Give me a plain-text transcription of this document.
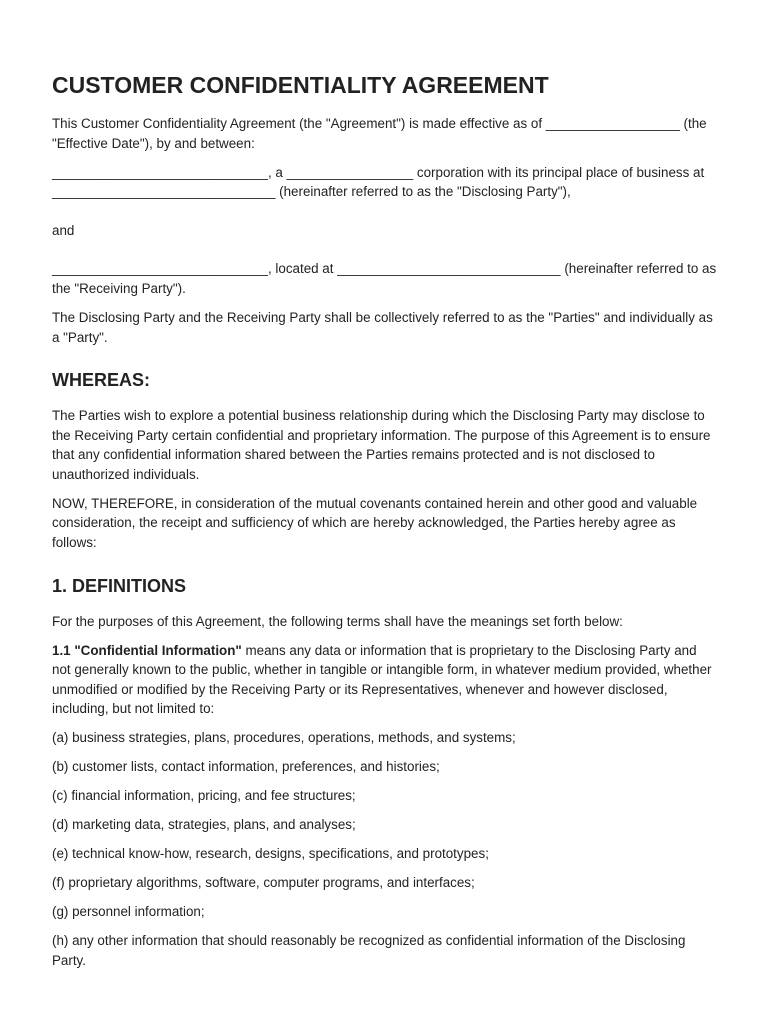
CUSTOMER CONFIDENTIALITY AGREEMENT

This Customer Confidentiality Agreement (the "Agreement") is made effective as of __________________ (the "Effective Date"), by and between:

_____________________________, a _________________ corporation with its principal place of business at ______________________________ (hereinafter referred to as the "Disclosing Party"),

and

_____________________________, located at ______________________________ (hereinafter referred to as the "Receiving Party").

The Disclosing Party and the Receiving Party shall be collectively referred to as the "Parties" and individually as a "Party".

WHEREAS:

The Parties wish to explore a potential business relationship during which the Disclosing Party may disclose to the Receiving Party certain confidential and proprietary information. The purpose of this Agreement is to ensure that any confidential information shared between the Parties remains protected and is not disclosed to unauthorized individuals.

NOW, THEREFORE, in consideration of the mutual covenants contained herein and other good and valuable consideration, the receipt and sufficiency of which are hereby acknowledged, the Parties hereby agree as follows:

1. DEFINITIONS

For the purposes of this Agreement, the following terms shall have the meanings set forth below:

1.1 "Confidential Information" means any data or information that is proprietary to the Disclosing Party and not generally known to the public, whether in tangible or intangible form, in whatever medium provided, whether unmodified or modified by the Receiving Party or its Representatives, whenever and however disclosed, including, but not limited to:

(a) business strategies, plans, procedures, operations, methods, and systems;

(b) customer lists, contact information, preferences, and histories;

(c) financial information, pricing, and fee structures;

(d) marketing data, strategies, plans, and analyses;

(e) technical know-how, research, designs, specifications, and prototypes;

(f) proprietary algorithms, software, computer programs, and interfaces;

(g) personnel information;

(h) any other information that should reasonably be recognized as confidential information of the Disclosing Party.
